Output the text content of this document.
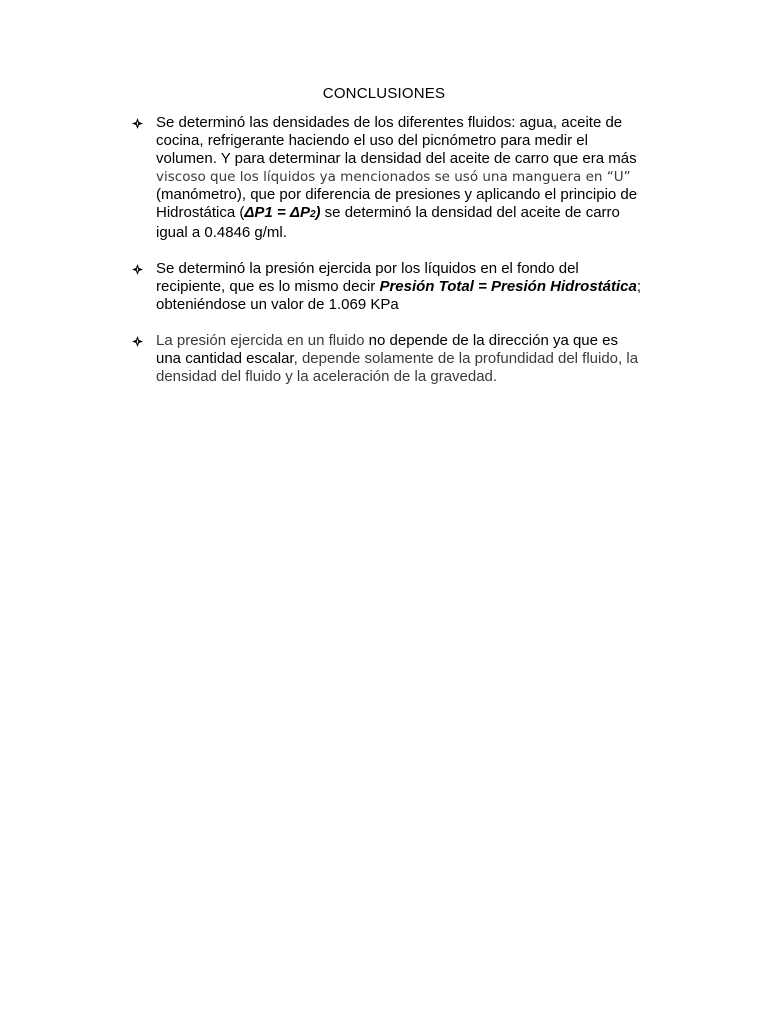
CONCLUSIONES
Se determinó las densidades de los diferentes fluidos: agua, aceite de
cocina, refrigerante haciendo el uso del picnómetro para medir el
volumen. Y para determinar la densidad del aceite de carro que era más
viscoso que los líquidos ya mencionados se usó una manguera en “U”
(manómetro), que por diferencia de presiones y aplicando el principio de
Hidrostática (ΔP1 = ΔP2) se determinó la densidad del aceite de carro
igual a 0.4846 g/ml.
Se determinó la presión ejercida por los líquidos en el fondo del
recipiente, que es lo mismo decir Presión Total = Presión Hidrostática;
obteniéndose un valor de 1.069 KPa
La presión ejercida en un fluido no depende de la dirección ya que es
una cantidad escalar, depende solamente de la profundidad del fluido, la
densidad del fluido y la aceleración de la gravedad.
